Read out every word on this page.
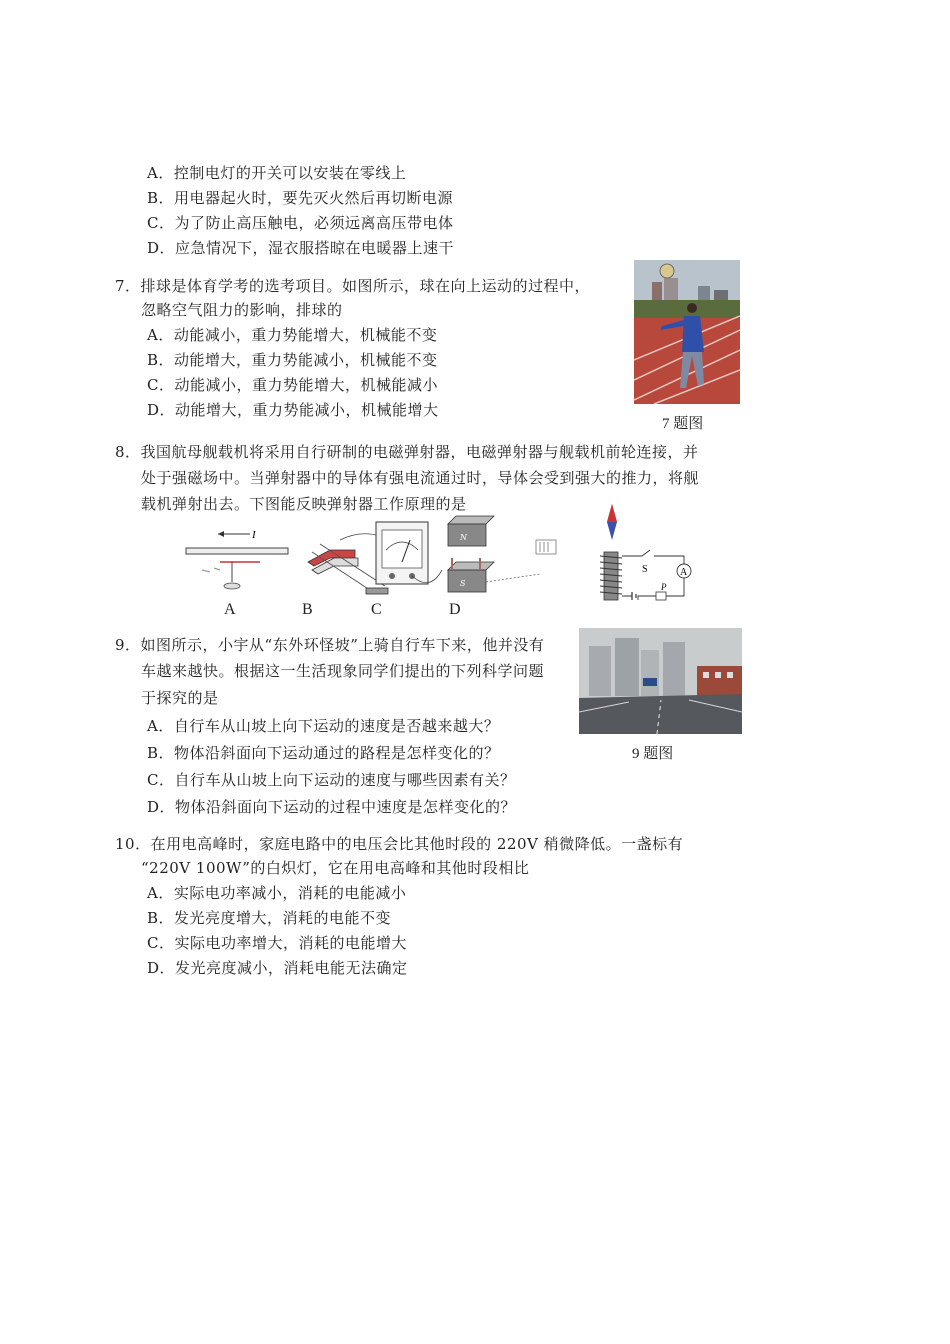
A．控制电灯的开关可以安装在零线上
B．用电器起火时，要先灭火然后再切断电源
C．为了防止高压触电，必须远离高压带电体
D．应急情况下，湿衣服搭晾在电暖器上速干
7．排球是体育学考的选考项目。如图所示，球在向上运动的过程中，
忽略空气阻力的影响，排球的
A．动能减小，重力势能增大，机械能不变
B．动能增大，重力势能减小，机械能不变
C．动能减小，重力势能增大，机械能减小
D．动能增大，重力势能减小，机械能增大
7 题图
8．我国航母舰载机将采用自行研制的电磁弹射器，电磁弹射器与舰载机前轮连接，并
处于强磁场中。当弹射器中的导体有强电流通过时，导体会受到强大的推力，将舰
载机弹射出去。下图能反映弹射器工作原理的是
I	N
S
S	A
P
A	B	C	D
9．如图所示，小宇从“东外环怪坡”上骑自行车下来，他并没有
车越来越快。根据这一生活现象同学们提出的下列科学问题
于探究的是
A．自行车从山坡上向下运动的速度是否越来越大？
B．物体沿斜面向下运动通过的路程是怎样变化的？
C．自行车从山坡上向下运动的速度与哪些因素有关？
D．物体沿斜面向下运动的过程中速度是怎样变化的？
9 题图
10．在用电高峰时，家庭电路中的电压会比其他时段的 220V 稍微降低。一盏标有
“220V 100W”的白炽灯，它在用电高峰和其他时段相比
A．实际电功率减小，消耗的电能减小
B．发光亮度增大，消耗的电能不变
C．实际电功率增大，消耗的电能增大
D．发光亮度减小，消耗电能无法确定
